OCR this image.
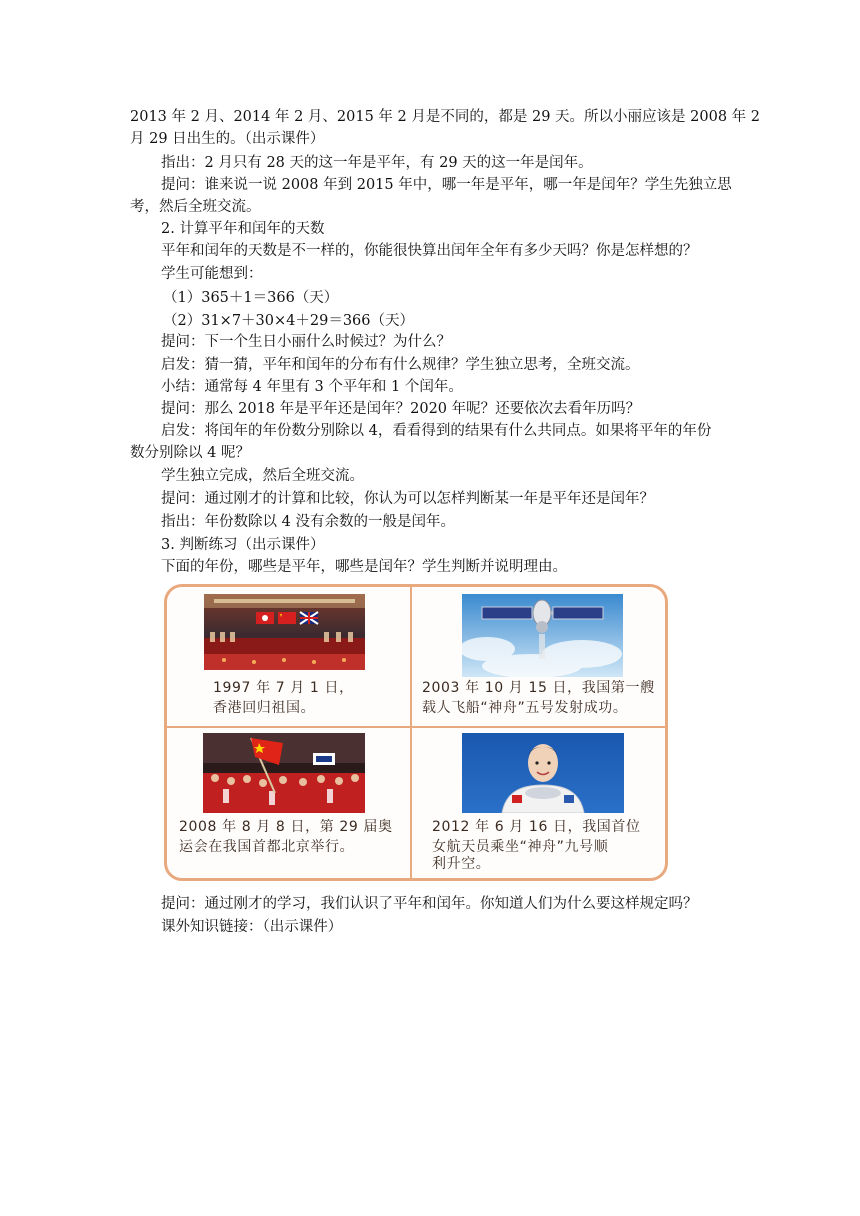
2013 年 2 月、2014 年 2 月、2015 年 2 月是不同的，都是 29 天。所以小丽应该是 2008 年 2
月 29 日出生的。（出示课件）
指出：2 月只有 28 天的这一年是平年，有 29 天的这一年是闰年。
提问：谁来说一说 2008 年到 2015 年中，哪一年是平年，哪一年是闰年？学生先独立思
考，然后全班交流。
2. 计算平年和闰年的天数
平年和闰年的天数是不一样的，你能很快算出闰年全年有多少天吗？你是怎样想的？
学生可能想到：
（1）365＋1＝366（天）
（2）31×7＋30×4＋29＝366（天）
提问：下一个生日小丽什么时候过？为什么？
启发：猜一猜，平年和闰年的分布有什么规律？学生独立思考，全班交流。
小结：通常每 4 年里有 3 个平年和 1 个闰年。
提问：那么 2018 年是平年还是闰年？2020 年呢？还要依次去看年历吗？
启发：将闰年的年份数分别除以 4，看看得到的结果有什么共同点。如果将平年的年份
数分别除以 4 呢？
学生独立完成，然后全班交流。
提问：通过刚才的计算和比较，你认为可以怎样判断某一年是平年还是闰年？
指出：年份数除以 4 没有余数的一般是闰年。
3. 判断练习（出示课件）
下面的年份，哪些是平年，哪些是闰年？学生判断并说明理由。
1997 年 7 月 1 日，
香港回归祖国。
2003 年 10 月 15 日，我国第一艘
载人飞船“神舟”五号发射成功。
2008 年 8 月 8 日，第 29 届奥
运会在我国首都北京举行。
2012 年 6 月 16 日，我国首位
女航天员乘坐“神舟”九号顺
利升空。
提问：通过刚才的学习，我们认识了平年和闰年。你知道人们为什么要这样规定吗？
课外知识链接：（出示课件）
